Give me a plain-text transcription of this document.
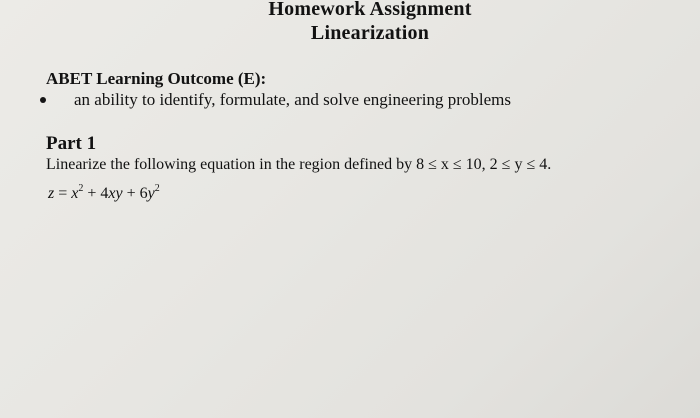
Homework Assignment
Linearization
ABET Learning Outcome (E):
an ability to identify, formulate, and solve engineering problems
Part 1
Linearize the following equation in the region defined by 8 ≤ x ≤ 10, 2 ≤ y ≤ 4.
$z = x^2 + 4xy + 6y^2$
